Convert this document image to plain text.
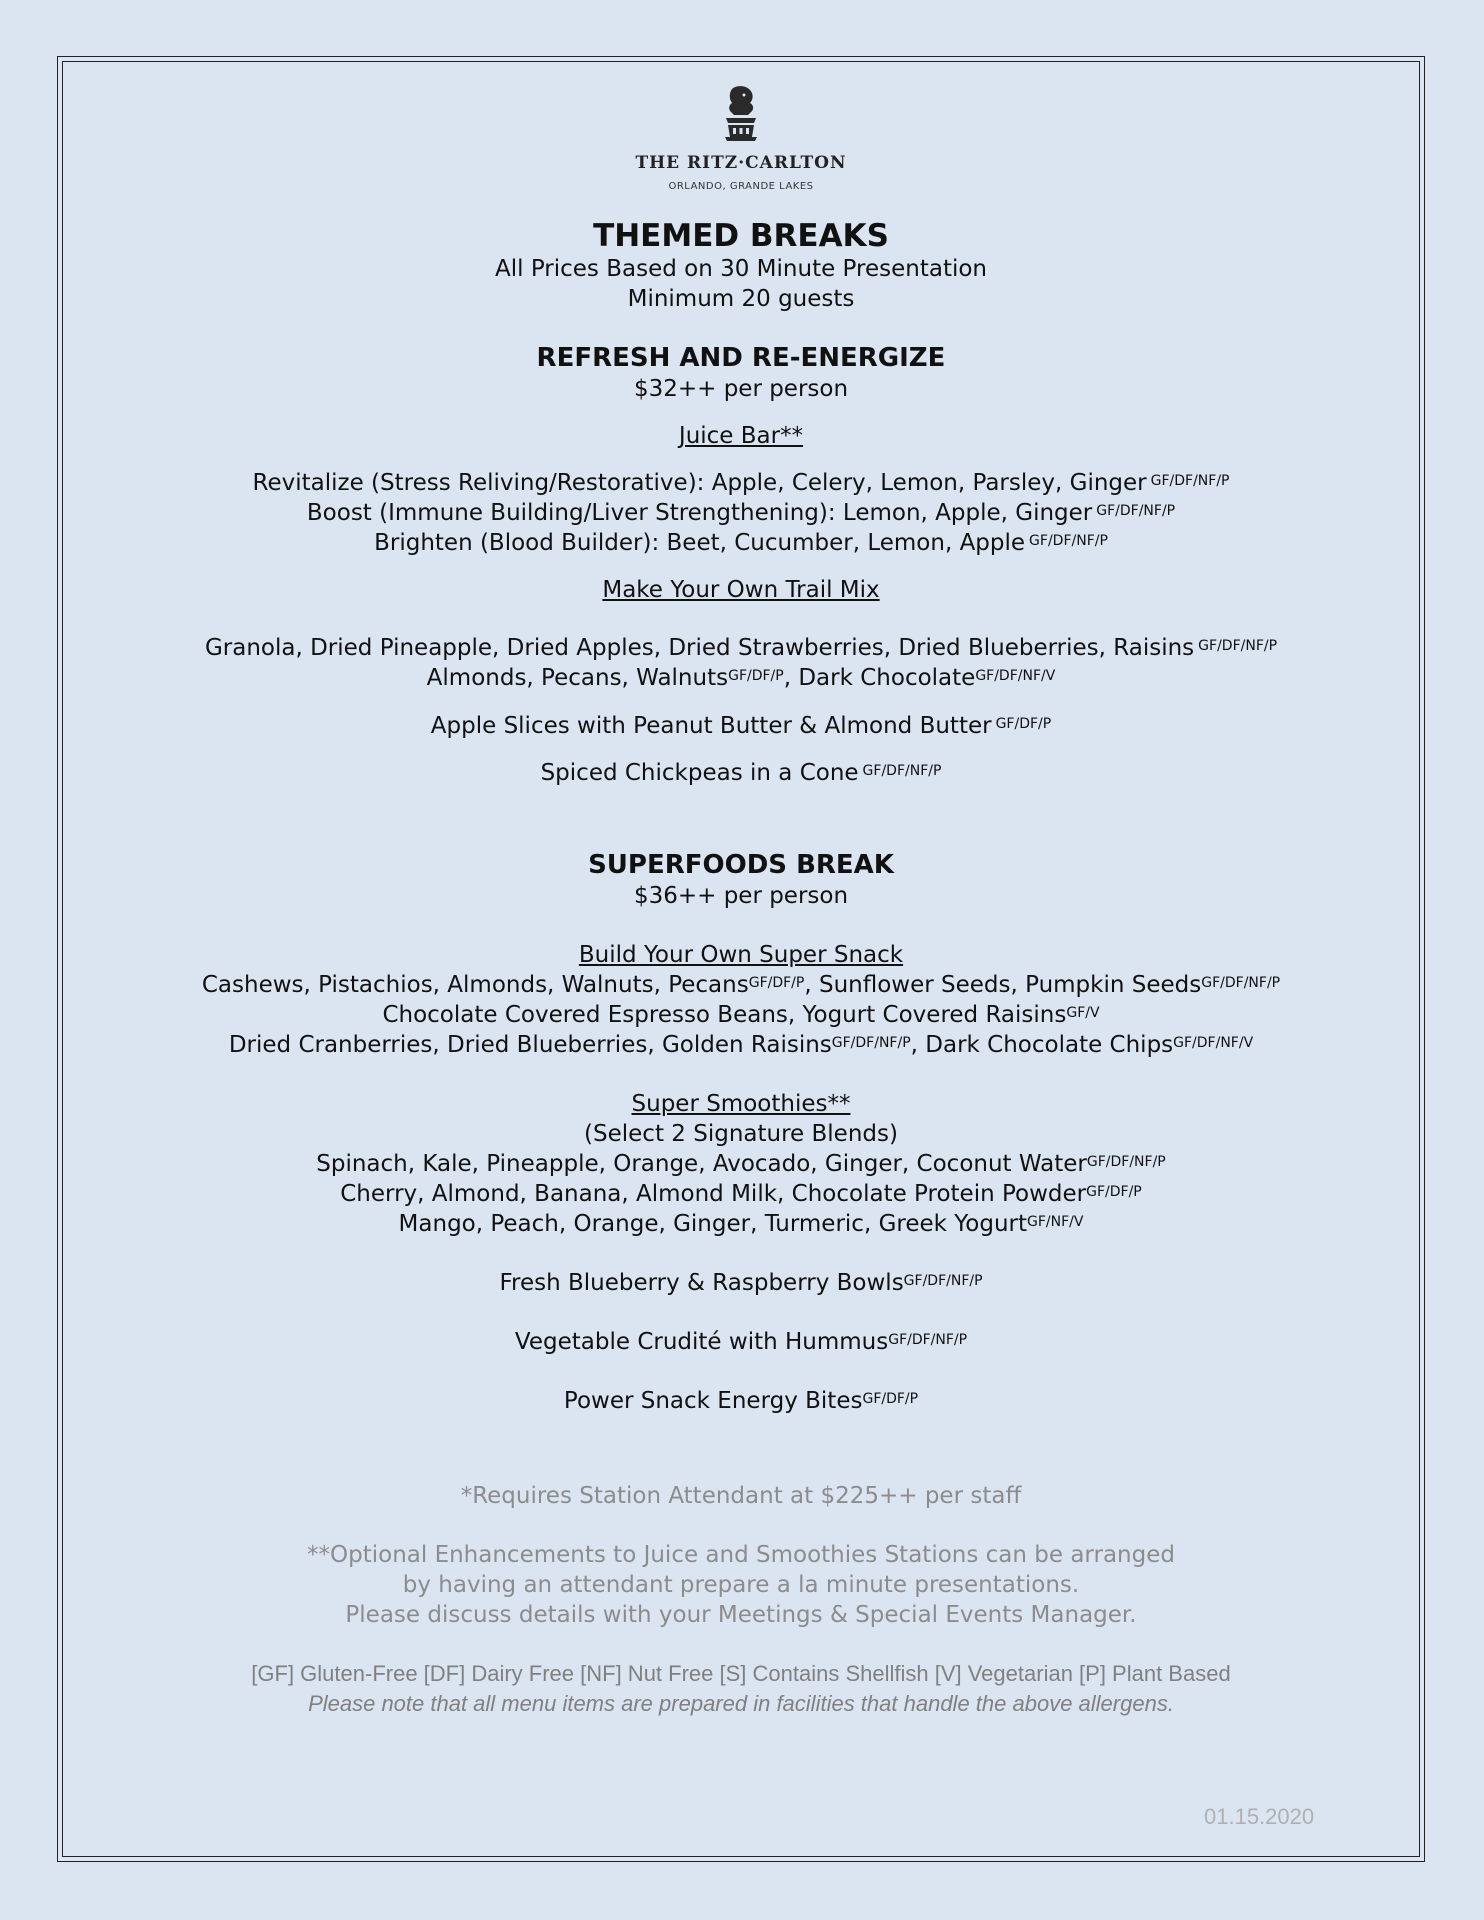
THE RITZ·CARLTON
ORLANDO, GRANDE LAKES
THEMED BREAKS
All Prices Based on 30 Minute Presentation
Minimum 20 guests
REFRESH AND RE-ENERGIZE
$32++ per person
Juice Bar**
Revitalize (Stress Reliving/Restorative): Apple, Celery, Lemon, Parsley, Ginger $^{GF/DF/NF/P}$
Boost (Immune Building/Liver Strengthening): Lemon, Apple, Ginger $^{GF/DF/NF/P}$
Brighten (Blood Builder): Beet, Cucumber, Lemon, Apple $^{GF/DF/NF/P}$
Make Your Own Trail Mix
Granola, Dried Pineapple, Dried Apples, Dried Strawberries, Dried Blueberries, Raisins $^{GF/DF/NF/P}$
Almonds, Pecans, Walnuts$^{GF/DF/P}$, Dark Chocolate$^{GF/DF/NF/V}$
Apple Slices with Peanut Butter & Almond Butter $^{GF/DF/P}$
Spiced Chickpeas in a Cone $^{GF/DF/NF/P}$
SUPERFOODS BREAK
$36++ per person
Build Your Own Super Snack
Cashews, Pistachios, Almonds, Walnuts, Pecans$^{GF/DF/P}$, Sunflower Seeds, Pumpkin Seeds$^{GF/DF/NF/P}$
Chocolate Covered Espresso Beans, Yogurt Covered Raisins$^{GF/V}$
Dried Cranberries, Dried Blueberries, Golden Raisins$^{GF/DF/NF/P}$, Dark Chocolate Chips$^{GF/DF/NF/V}$
Super Smoothies**
(Select 2 Signature Blends)
Spinach, Kale, Pineapple, Orange, Avocado, Ginger, Coconut Water$^{GF/DF/NF/P}$
Cherry, Almond, Banana, Almond Milk, Chocolate Protein Powder$^{GF/DF/P}$
Mango, Peach, Orange, Ginger, Turmeric, Greek Yogurt$^{GF/NF/V}$
Fresh Blueberry & Raspberry Bowls$^{GF/DF/NF/P}$
Vegetable Crudité with Hummus$^{GF/DF/NF/P}$
Power Snack Energy Bites$^{GF/DF/P}$
*Requires Station Attendant at $225++ per staff
**Optional Enhancements to Juice and Smoothies Stations can be arranged
by having an attendant prepare a la minute presentations.
Please discuss details with your Meetings & Special Events Manager.
[GF] Gluten-Free [DF] Dairy Free [NF] Nut Free [S] Contains Shellfish [V] Vegetarian [P] Plant Based
Please note that all menu items are prepared in facilities that handle the above allergens.
01.15.2020
